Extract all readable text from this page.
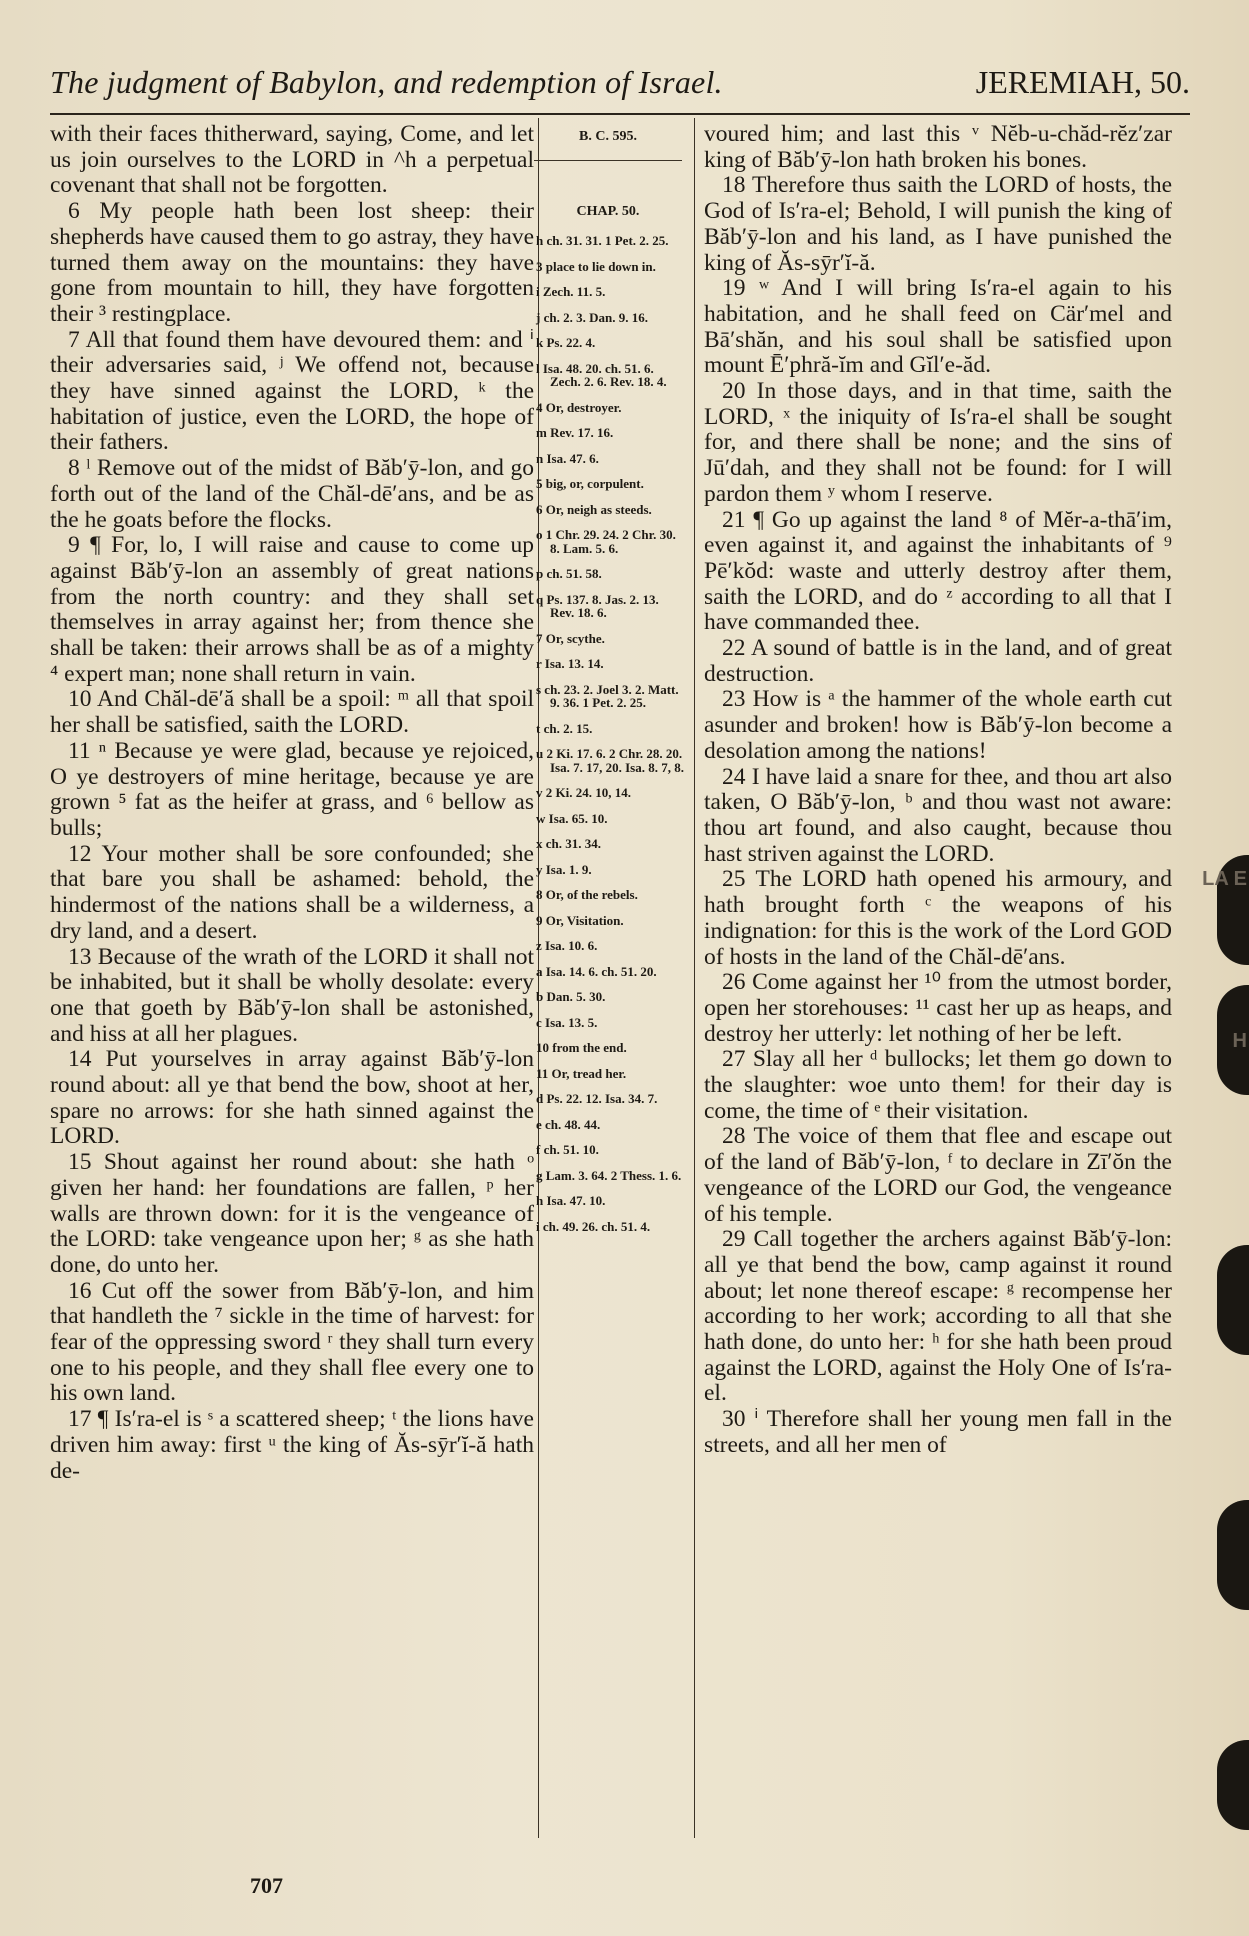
The judgment of Babylon, and redemption of Israel.	JEREMIAH, 50.

with their faces thitherward, saying, Come, and let us join ourselves to the LORD in ^h a perpetual covenant that shall not be forgotten.

6 My people hath been lost sheep: their shepherds have caused them to go astray, they have turned them away on the mountains: they have gone from mountain to hill, they have forgotten their ³ restingplace.

7 All that found them have devoured them: and ⁱ their adversaries said, ʲ We offend not, because they have sinned against the LORD, ᵏ the habitation of justice, even the LORD, the hope of their fathers.

8 ˡ Remove out of the midst of Băb′ȳ-lon, and go forth out of the land of the Chăl-dē′ans, and be as the he goats before the flocks.

9 ¶ For, lo, I will raise and cause to come up against Băb′ȳ-lon an assembly of great nations from the north country: and they shall set themselves in array against her; from thence she shall be taken: their arrows shall be as of a mighty ⁴ expert man; none shall return in vain.

10 And Chăl-dē′ă shall be a spoil: ᵐ all that spoil her shall be satisfied, saith the LORD.

11 ⁿ Because ye were glad, because ye rejoiced, O ye destroyers of mine heritage, because ye are grown ⁵ fat as the heifer at grass, and ⁶ bellow as bulls;

12 Your mother shall be sore confounded; she that bare you shall be ashamed: behold, the hindermost of the nations shall be a wilderness, a dry land, and a desert.

13 Because of the wrath of the LORD it shall not be inhabited, but it shall be wholly desolate: every one that goeth by Băb′ȳ-lon shall be astonished, and hiss at all her plagues.

14 Put yourselves in array against Băb′ȳ-lon round about: all ye that bend the bow, shoot at her, spare no arrows: for she hath sinned against the LORD.

15 Shout against her round about: she hath ᵒ given her hand: her foundations are fallen, ᵖ her walls are thrown down: for it is the vengeance of the LORD: take vengeance upon her; ᵍ as she hath done, do unto her.

16 Cut off the sower from Băb′ȳ-lon, and him that handleth the ⁷ sickle in the time of harvest: for fear of the oppressing sword ʳ they shall turn every one to his people, and they shall flee every one to his own land.

17 ¶ Is′ra-el is ˢ a scattered sheep; ᵗ the lions have driven him away: first ᵘ the king of Ăs-sȳr′ĭ-ă hath de-

B. C. 595.
CHAP. 50.
h ch. 31. 31. 1 Pet. 2. 25.
3 place to lie down in.
i Zech. 11. 5.
j ch. 2. 3. Dan. 9. 16.
k Ps. 22. 4.
l Isa. 48. 20. ch. 51. 6. Zech. 2. 6. Rev. 18. 4.
4 Or, destroyer.
m Rev. 17. 16.
n Isa. 47. 6.
5 big, or, corpulent.
6 Or, neigh as steeds.
o 1 Chr. 29. 24. 2 Chr. 30. 8. Lam. 5. 6.
p ch. 51. 58.
q Ps. 137. 8. Jas. 2. 13. Rev. 18. 6.
7 Or, scythe.
r Isa. 13. 14.
s ch. 23. 2. Joel 3. 2. Matt. 9. 36. 1 Pet. 2. 25.
t ch. 2. 15.
u 2 Ki. 17. 6. 2 Chr. 28. 20. Isa. 7. 17, 20. Isa. 8. 7, 8.
v 2 Ki. 24. 10, 14.
w Isa. 65. 10.
x ch. 31. 34.
y Isa. 1. 9.
8 Or, of the rebels.
9 Or, Visitation.
z Isa. 10. 6.
a Isa. 14. 6. ch. 51. 20.
b Dan. 5. 30.
c Isa. 13. 5.
10 from the end.
11 Or, tread her.
d Ps. 22. 12. Isa. 34. 7.
e ch. 48. 44.
f ch. 51. 10.
g Lam. 3. 64. 2 Thess. 1. 6.
h Isa. 47. 10.
i ch. 49. 26. ch. 51. 4.

voured him; and last this ᵛ Nĕb-u-chăd-rĕz′zar king of Băb′ȳ-lon hath broken his bones.

18 Therefore thus saith the LORD of hosts, the God of Is′ra-el; Behold, I will punish the king of Băb′ȳ-lon and his land, as I have punished the king of Ăs-sȳr′ĭ-ă.

19 ʷ And I will bring Is′ra-el again to his habitation, and he shall feed on Cär′mel and Bā′shăn, and his soul shall be satisfied upon mount Ē′phră-ĭm and Gĭl′e-ăd.

20 In those days, and in that time, saith the LORD, ˣ the iniquity of Is′ra-el shall be sought for, and there shall be none; and the sins of Jū′dah, and they shall not be found: for I will pardon them ʸ whom I reserve.

21 ¶ Go up against the land ⁸ of Mĕr-a-thā′im, even against it, and against the inhabitants of ⁹ Pē′kŏd: waste and utterly destroy after them, saith the LORD, and do ᶻ according to all that I have commanded thee.

22 A sound of battle is in the land, and of great destruction.

23 How is ᵃ the hammer of the whole earth cut asunder and broken! how is Băb′ȳ-lon become a desolation among the nations!

24 I have laid a snare for thee, and thou art also taken, O Băb′ȳ-lon, ᵇ and thou wast not aware: thou art found, and also caught, because thou hast striven against the LORD.

25 The LORD hath opened his armoury, and hath brought forth ᶜ the weapons of his indignation: for this is the work of the Lord GOD of hosts in the land of the Chăl-dē′ans.

26 Come against her ¹⁰ from the utmost border, open her storehouses: ¹¹ cast her up as heaps, and destroy her utterly: let nothing of her be left.

27 Slay all her ᵈ bullocks; let them go down to the slaughter: woe unto them! for their day is come, the time of ᵉ their visitation.

28 The voice of them that flee and escape out of the land of Băb′ȳ-lon, ᶠ to declare in Zī′ŏn the vengeance of the LORD our God, the vengeance of his temple.

29 Call together the archers against Băb′ȳ-lon: all ye that bend the bow, camp against it round about; let none thereof escape: ᵍ recompense her according to her work; according to all that she hath done, do unto her: ʰ for she hath been proud against the LORD, against the Holy One of Is′ra-el.

30 ⁱ Therefore shall her young men fall in the streets, and all her men of

707
LA E
H
